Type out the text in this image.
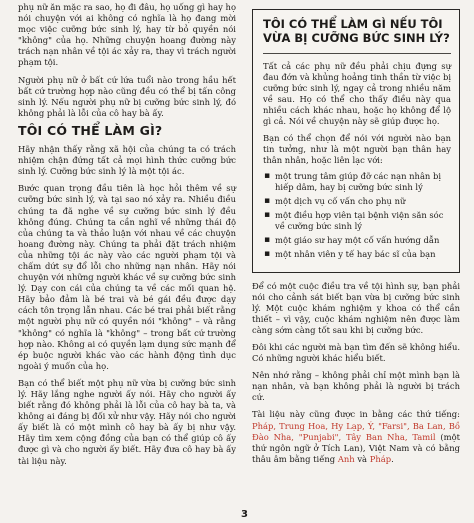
phụ nữ ăn mặc ra sao, họ đi đâu, họ uống gì hay họ nói chuyện với ai không có nghĩa là họ đang mời mọc việc cưỡng bức sinh lý, hay từ bỏ quyền nói "không" của họ. Những chuyện hoang đường này trách nạn nhân về tội ác xảy ra, thay vì trách người phạm tội.

Người phụ nữ ở bất cứ lứa tuổi nào trong hầu hết bất cứ trường hợp nào cũng đều có thể bị tấn công sinh lý. Nếu người phụ nữ bị cưỡng bức sinh lý, đó không phải là lỗi của cô hay bà ấy.

TÔI CÓ THỂ LÀM GÌ?

Hãy nhận thấy rằng xã hội của chúng ta có trách nhiệm chận đứng tất cả mọi hình thức cưỡng bức sinh lý. Cưỡng bức sinh lý là một tội ác.

Bước quan trọng đầu tiên là học hỏi thêm về sự cưỡng bức sinh lý, và tại sao nó xảy ra. Nhiều điều chúng ta đã nghe về sự cưỡng bức sinh lý đều không đúng. Chúng ta cần nghĩ về những thái độ của chúng ta và thảo luận với nhau về các chuyện hoang đường này. Chúng ta phải đặt trách nhiệm của những tội ác này vào các người phạm tội và chấm dứt sự đổ lỗi cho những nạn nhân. Hãy nói chuyện với những người khác về sự cưỡng bức sinh lý. Dạy con cái của chúng ta về các mối quan hệ. Hãy bảo đảm là bé trai và bé gái đều được dạy cách tôn trọng lẫn nhau. Các bé trai phải biết rằng một người phụ nữ có quyền nói "không" – và rằng "không" có nghĩa là "không" – trong bất cứ trường hợp nào. Không ai có quyền lạm dụng sức mạnh để ép buộc người khác vào các hành động tình dục ngoài ý muốn của họ.

Bạn có thể biết một phụ nữ vừa bị cưỡng bức sinh lý. Hãy lắng nghe người ấy nói. Hãy cho người ấy biết rằng đó không phải là lỗi của cô hay bà ta, và không ai đáng bị đối xử như vậy. Hãy nói cho người ấy biết là có một mình cô hay bà ấy bị như vậy. Hãy tìm xem cộng đồng của bạn có thể giúp cô ấy được gì và cho người ấy biết. Hãy đưa cô hay bà ấy tài liệu này.

TÔI CÓ THỂ LÀM GÌ NẾU TÔI VỪA BỊ CƯỠNG BỨC SINH LÝ?

Tất cả các phụ nữ đều phải chịu đựng sự đau đớn và khủng hoảng tinh thần từ việc bị cưỡng bức sinh lý, ngay cả trong nhiều năm về sau. Họ có thể cho thấy điều này qua nhiều cách khác nhau, hoặc họ không để lộ gì cả. Nói về chuyện này sẽ giúp được họ.

Bạn có thể chọn để nói với người nào bạn tin tưởng, như là một người bạn thân hay thân nhân, hoặc liên lạc với:

▪ một trung tâm giúp đỡ các nạn nhân bị hiếp dâm, hay bị cưỡng bức sinh lý
▪ một dịch vụ cố vấn cho phụ nữ
▪ một điều hợp viên tại bệnh viện săn sóc về cưỡng bức sinh lý
▪ một giáo sư hay một cố vấn hướng dẫn
▪ một nhân viên y tế hay bác sĩ của bạn

Để có một cuộc điều tra về tội hình sự, bạn phải nói cho cảnh sát biết bạn vừa bị cưỡng bức sinh lý. Một cuộc khám nghiệm y khoa có thể cần thiết – vì vậy, cuộc khám nghiệm nên được làm càng sớm càng tốt sau khi bị cưỡng bức.

Đôi khi các người mà bạn tìm đến sẽ không hiểu. Có những người khác hiểu biết.

Nên nhớ rằng – không phải chỉ một mình bạn là nạn nhân, và bạn không phải là người bị trách cứ.

Tài liệu này cũng được in bằng các thứ tiếng: Pháp, Trung Hoa, Hy Lạp, Ý, "Farsi", Ba Lan, Bồ Đào Nha, "Punjabi", Tây Ban Nha, Tamil (một thứ ngôn ngữ ở Tích Lan), Việt Nam và có bằng thâu âm bằng tiếng Anh và Pháp.

3
